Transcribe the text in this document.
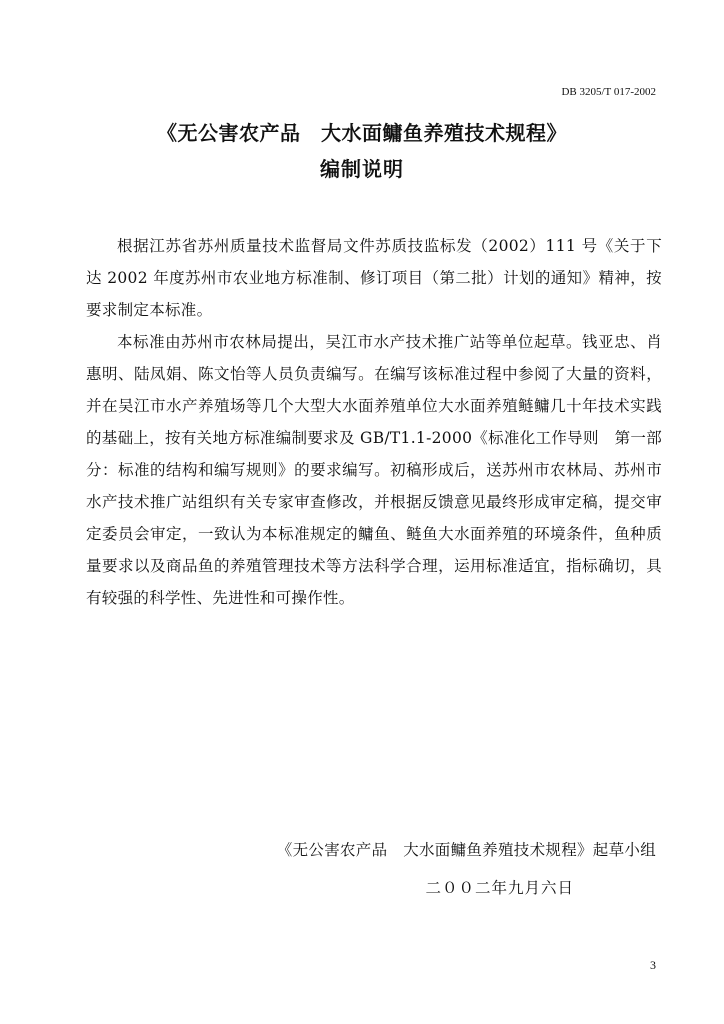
DB 3205/T 017-2002
《无公害农产品　大水面鳙鱼养殖技术规程》
编制说明

根据江苏省苏州质量技术监督局文件苏质技监标发（2002）111 号《关于下达 2002 年度苏州市农业地方标准制、修订项目（第二批）计划的通知》精神，按要求制定本标准。

本标准由苏州市农林局提出，吴江市水产技术推广站等单位起草。钱亚忠、肖惠明、陆凤娟、陈文怡等人员负责编写。在编写该标准过程中参阅了大量的资料，并在吴江市水产养殖场等几个大型大水面养殖单位大水面养殖鲢鳙几十年技术实践的基础上，按有关地方标准编制要求及 GB/T1.1-2000《标准化工作导则　第一部分：标准的结构和编写规则》的要求编写。初稿形成后，送苏州市农林局、苏州市水产技术推广站组织有关专家审查修改，并根据反馈意见最终形成审定稿，提交审定委员会审定，一致认为本标准规定的鳙鱼、鲢鱼大水面养殖的环境条件，鱼种质量要求以及商品鱼的养殖管理技术等方法科学合理，运用标准适宜，指标确切，具有较强的科学性、先进性和可操作性。

《无公害农产品　大水面鳙鱼养殖技术规程》起草小组
二００二年九月六日
3
